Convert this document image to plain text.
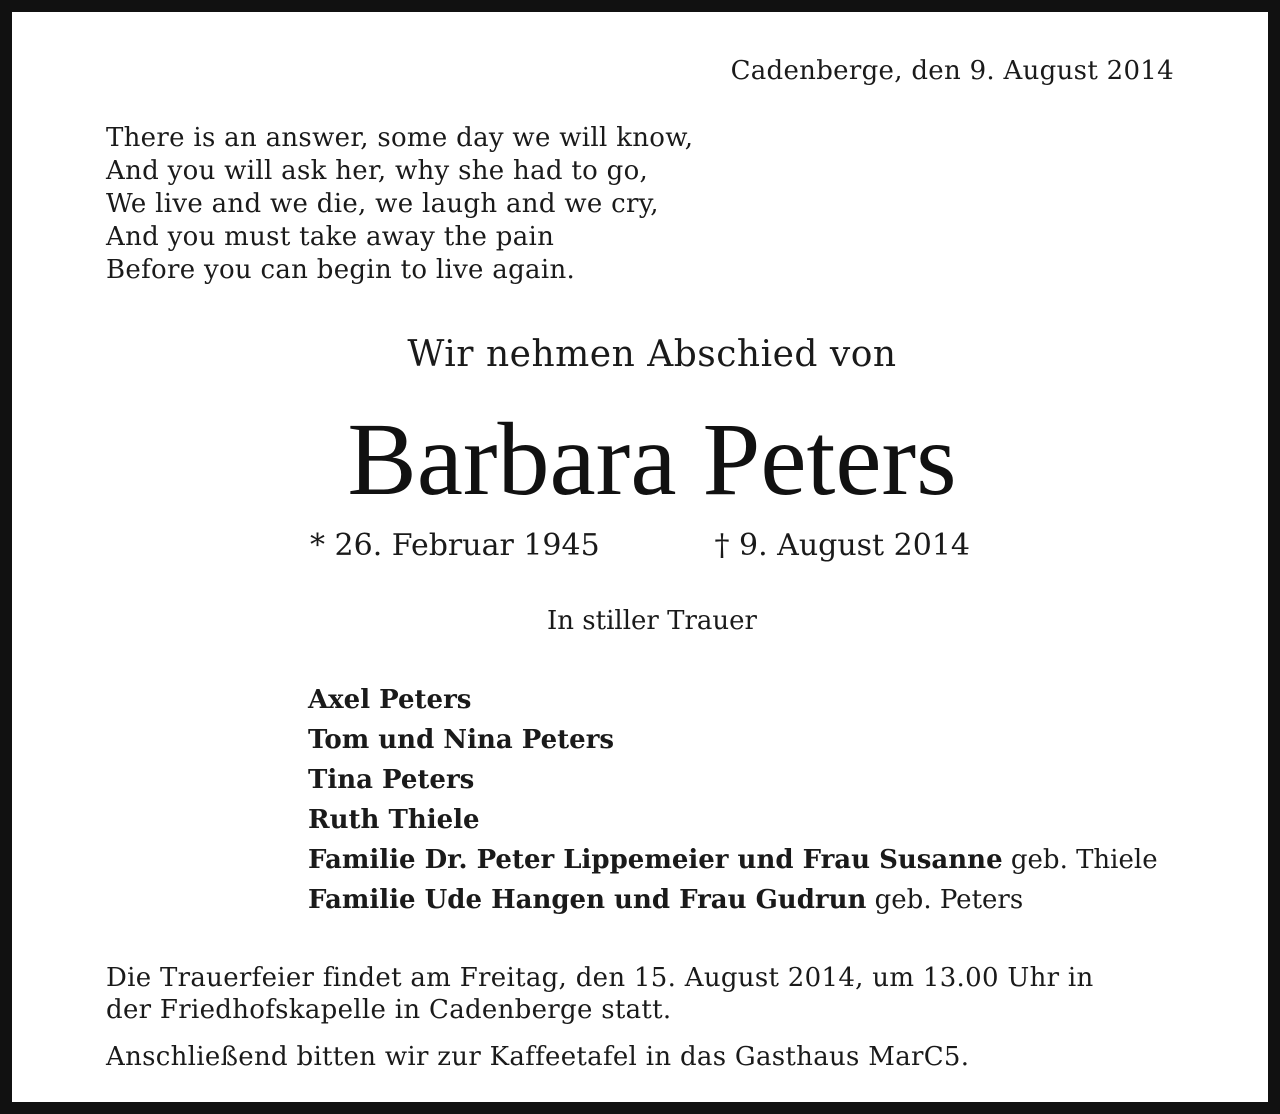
Cadenberge, den 9. August 2014
There is an answer, some day we will know,
And you will ask her, why she had to go,
We live and we die, we laugh and we cry,
And you must take away the pain
Before you can begin to live again.
Wir nehmen Abschied von
Barbara Peters
* 26. Februar 1945	† 9. August 2014
In stiller Trauer
Axel Peters
Tom und Nina Peters
Tina Peters
Ruth Thiele
Familie Dr. Peter Lippemeier und Frau Susanne geb. Thiele
Familie Ude Hangen und Frau Gudrun geb. Peters
Die Trauerfeier findet am Freitag, den 15. August 2014, um 13.00 Uhr in
der Friedhofskapelle in Cadenberge statt.
Anschließend bitten wir zur Kaffeetafel in das Gasthaus MarC5.
